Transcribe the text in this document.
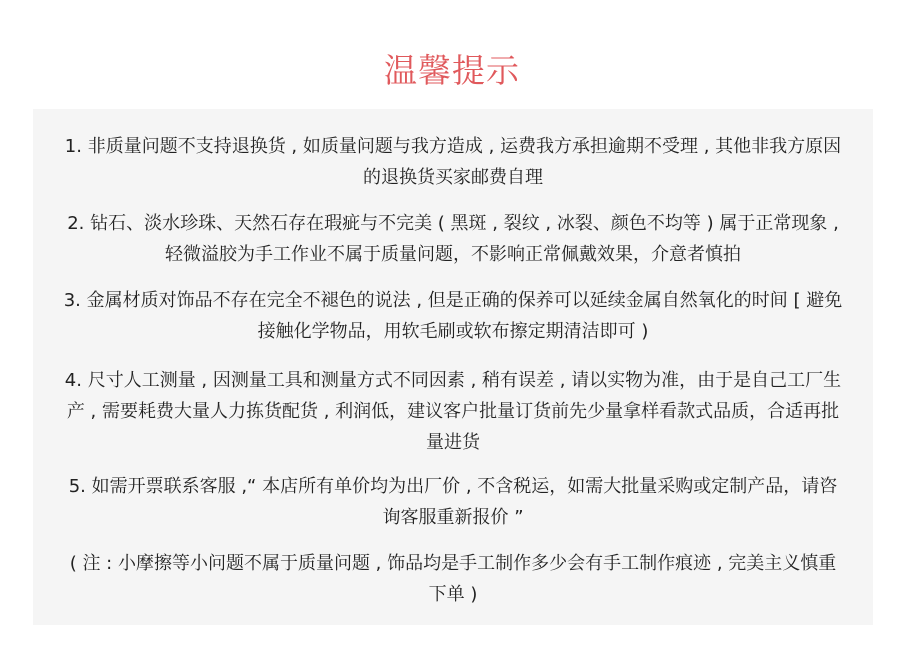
温馨提示

1. 非质量问题不支持退换货 , 如质量问题与我方造成 , 运费我方承担逾期不受理 , 其他非我方原因的退换货买家邮费自理

2. 钻石、淡水珍珠、天然石存在瑕疵与不完美 ( 黑斑 , 裂纹 , 冰裂、颜色不均等 ) 属于正常现象 , 轻微溢胶为手工作业不属于质量问题，不影响正常佩戴效果，介意者慎拍

3. 金属材质对饰品不存在完全不褪色的说法 , 但是正确的保养可以延续金属自然氧化的时间 [ 避免接触化学物品，用软毛刷或软布擦定期清洁即可 )

4. 尺寸人工测量 , 因测量工具和测量方式不同因素 , 稍有误差 , 请以实物为准，由于是自己工厂生产 , 需要耗费大量人力拣货配货 , 利润低，建议客户批量订货前先少量拿样看款式品质，合适再批量进货

5. 如需开票联系客服 ,“ 本店所有单价均为出厂价 , 不含税运，如需大批量采购或定制产品，请咨询客服重新报价 ”

( 注 : 小摩擦等小问题不属于质量问题 , 饰品均是手工制作多少会有手工制作痕迹 , 完美主义慎重下单 )
